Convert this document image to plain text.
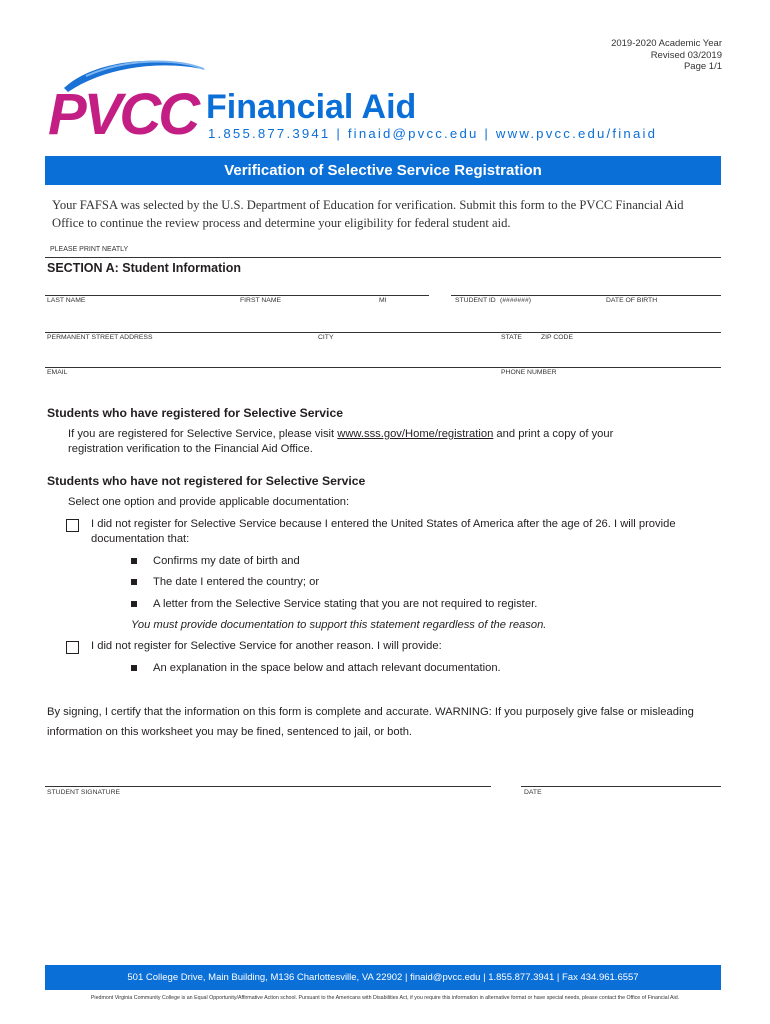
2019-2020 Academic Year
Revised 03/2019
Page 1/1
PVCC Financial Aid
1.855.877.3941 | finaid@pvcc.edu | www.pvcc.edu/finaid
Verification of Selective Service Registration
Your FAFSA was selected by the U.S. Department of Education for verification. Submit this form to the PVCC Financial Aid Office to continue the review process and determine your eligibility for federal student aid.
PLEASE PRINT NEATLY
SECTION A: Student Information
LAST NAME	FIRST NAME	MI	STUDENT ID (#######)	DATE OF BIRTH
PERMANENT STREET ADDRESS	CITY	STATE	ZIP CODE
EMAIL	PHONE NUMBER
Students who have registered for Selective Service
If you are registered for Selective Service, please visit www.sss.gov/Home/registration and print a copy of your
registration verification to the Financial Aid Office.
Students who have not registered for Selective Service
Select one option and provide applicable documentation:
I did not register for Selective Service because I entered the United States of America after the age of 26. I will provide
documentation that:
Confirms my date of birth and
The date I entered the country; or
A letter from the Selective Service stating that you are not required to register.
You must provide documentation to support this statement regardless of the reason.
I did not register for Selective Service for another reason. I will provide:
An explanation in the space below and attach relevant documentation.
By signing, I certify that the information on this form is complete and accurate. WARNING: If you purposely give false or misleading
information on this worksheet you may be fined, sentenced to jail, or both.
STUDENT SIGNATURE	DATE
501 College Drive, Main Building, M136 Charlottesville, VA 22902 | finaid@pvcc.edu | 1.855.877.3941 | Fax 434.961.6557
Piedmont Virginia Community College is an Equal Opportunity/Affirmative Action school. Pursuant to the Americans with Disabilities Act, if you require this information in alternative format or have special needs, please contact the Office of Financial Aid.
